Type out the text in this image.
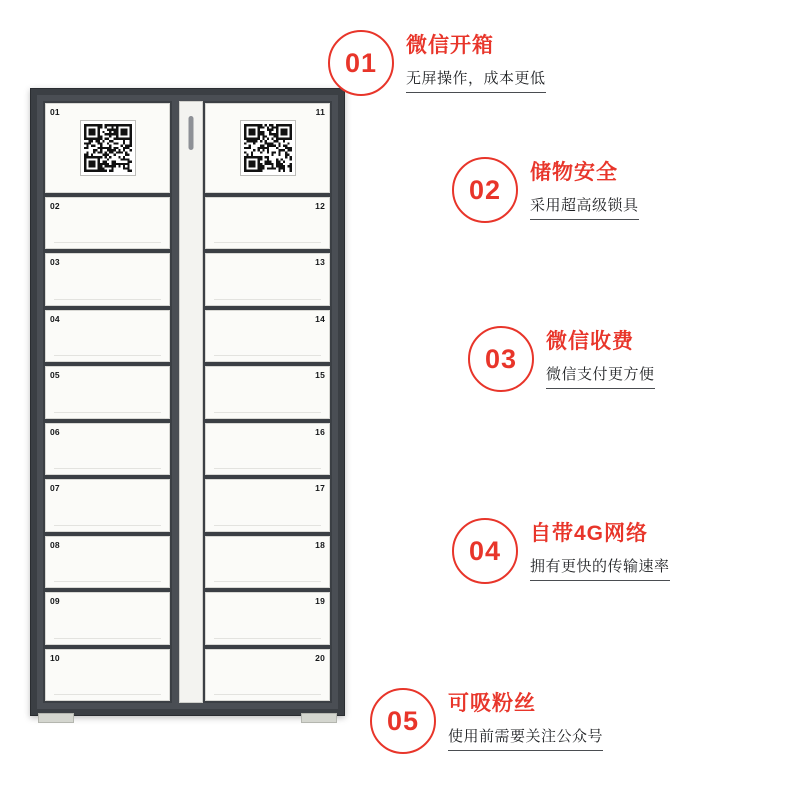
01
02
03
04
05
06
07
08
09
10
11
12
13
14
15
16
17
18
19
20
01
微信开箱
无屏操作，成本更低
02
储物安全
采用超高级锁具
03
微信收费
微信支付更方便
04
自带4G网络
拥有更快的传输速率
05
可吸粉丝
使用前需要关注公众号
